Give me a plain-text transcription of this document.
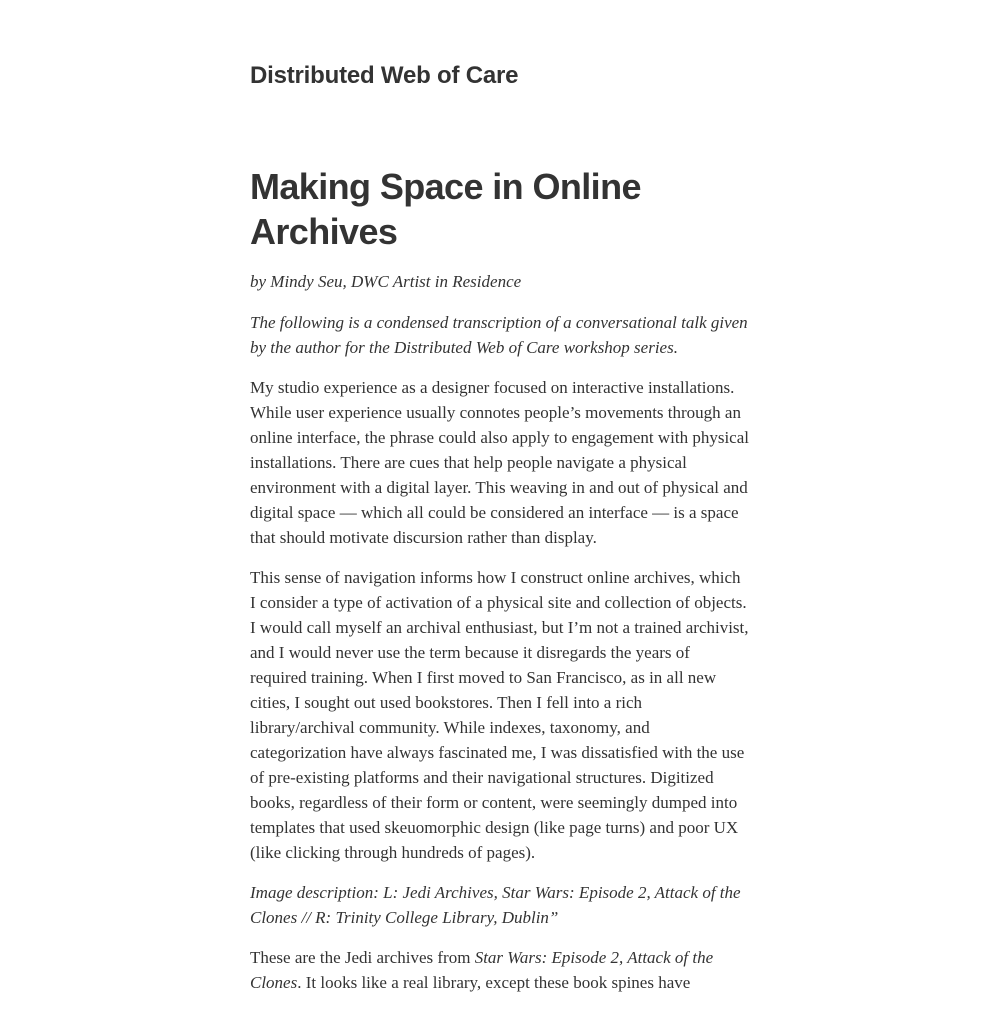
Distributed Web of Care
Making Space in Online Archives

by Mindy Seu, DWC Artist in Residence

The following is a condensed transcription of a conversational talk given by the author for the Distributed Web of Care workshop series.

My studio experience as a designer focused on interactive installations. While user experience usually connotes people’s movements through an online interface, the phrase could also apply to engagement with physical installations. There are cues that help people navigate a physical environment with a digital layer. This weaving in and out of physical and digital space — which all could be considered an interface — is a space that should motivate discursion rather than display.

This sense of navigation informs how I construct online archives, which I consider a type of activation of a physical site and collection of objects. I would call myself an archival enthusiast, but I’m not a trained archivist, and I would never use the term because it disregards the years of required training. When I first moved to San Francisco, as in all new cities, I sought out used bookstores. Then I fell into a rich library/archival community. While indexes, taxonomy, and categorization have always fascinated me, I was dissatisfied with the use of pre-existing platforms and their navigational structures. Digitized books, regardless of their form or content, were seemingly dumped into templates that used skeuomorphic design (like page turns) and poor UX (like clicking through hundreds of pages).

Image description: L: Jedi Archives, Star Wars: Episode 2, Attack of the Clones // R: Trinity College Library, Dublin”

These are the Jedi archives from Star Wars: Episode 2, Attack of the Clones. It looks like a real library, except these book spines have
